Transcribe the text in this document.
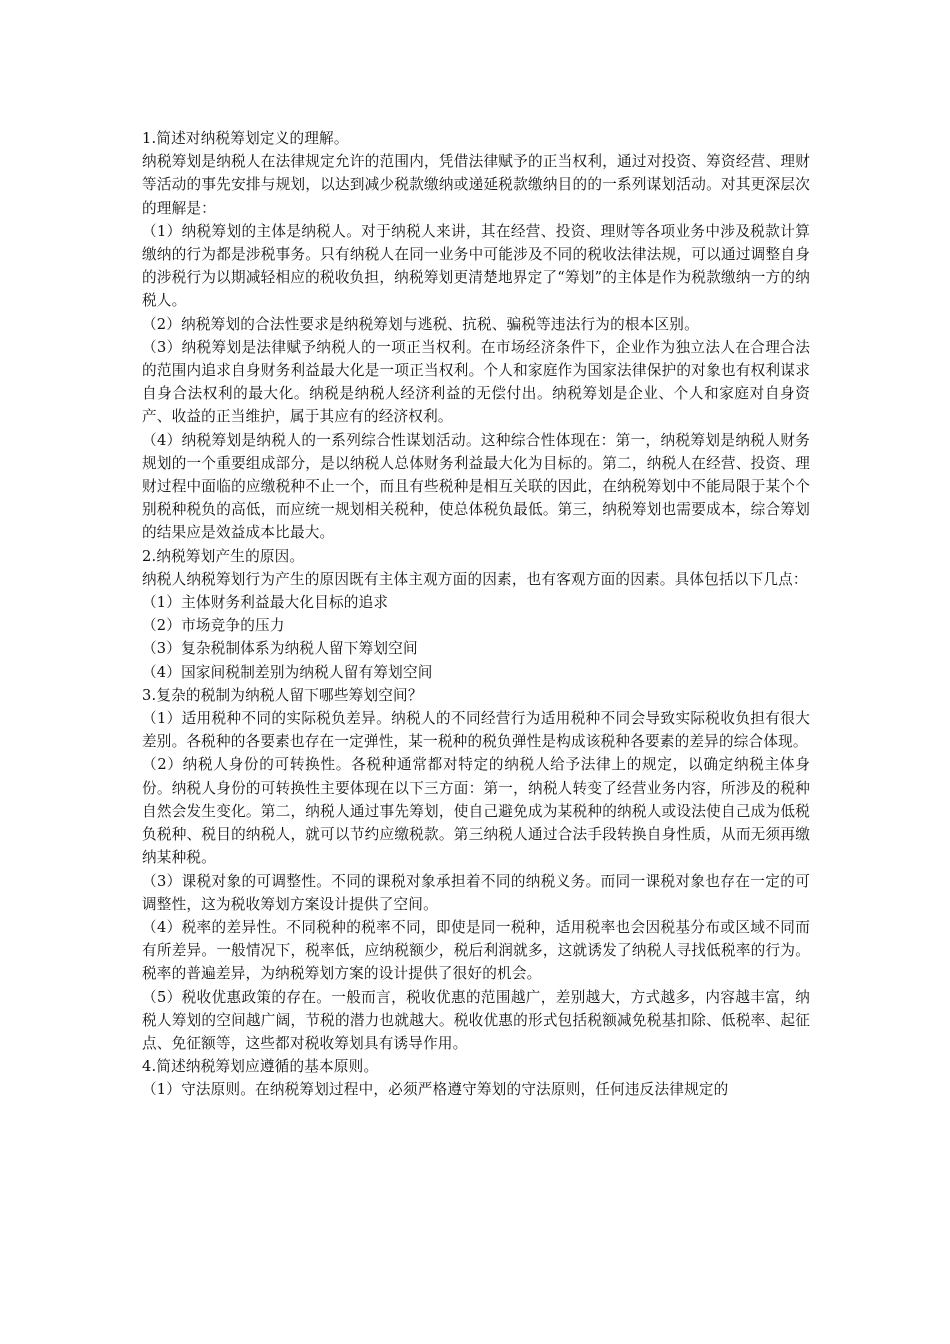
1.简述对纳税筹划定义的理解。

纳税筹划是纳税人在法律规定允许的范围内，凭借法律赋予的正当权利，通过对投资、筹资经营、理财等活动的事先安排与规划，以达到减少税款缴纳或递延税款缴纳目的的一系列谋划活动。对其更深层次的理解是：

（1）纳税筹划的主体是纳税人。对于纳税人来讲，其在经营、投资、理财等各项业务中涉及税款计算缴纳的行为都是涉税事务。只有纳税人在同一业务中可能涉及不同的税收法律法规，可以通过调整自身的涉税行为以期减轻相应的税收负担，纳税筹划更清楚地界定了“筹划”的主体是作为税款缴纳一方的纳税人。

（2）纳税筹划的合法性要求是纳税筹划与逃税、抗税、骗税等违法行为的根本区别。

（3）纳税筹划是法律赋予纳税人的一项正当权利。在市场经济条件下，企业作为独立法人在合理合法的范围内追求自身财务利益最大化是一项正当权利。个人和家庭作为国家法律保护的对象也有权利谋求自身合法权利的最大化。纳税是纳税人经济利益的无偿付出。纳税筹划是企业、个人和家庭对自身资产、收益的正当维护，属于其应有的经济权利。

（4）纳税筹划是纳税人的一系列综合性谋划活动。这种综合性体现在：第一，纳税筹划是纳税人财务规划的一个重要组成部分，是以纳税人总体财务利益最大化为目标的。第二，纳税人在经营、投资、理财过程中面临的应缴税种不止一个，而且有些税种是相互关联的因此，在纳税筹划中不能局限于某个个别税种税负的高低，而应统一规划相关税种，使总体税负最低。第三，纳税筹划也需要成本，综合筹划的结果应是效益成本比最大。

2.纳税筹划产生的原因。

纳税人纳税筹划行为产生的原因既有主体主观方面的因素，也有客观方面的因素。具体包括以下几点：

（1）主体财务利益最大化目标的追求

（2）市场竞争的压力

（3）复杂税制体系为纳税人留下筹划空间

（4）国家间税制差别为纳税人留有筹划空间

3.复杂的税制为纳税人留下哪些筹划空间？

（1）适用税种不同的实际税负差异。纳税人的不同经营行为适用税种不同会导致实际税收负担有很大差别。各税种的各要素也存在一定弹性，某一税种的税负弹性是构成该税种各要素的差异的综合体现。

（2）纳税人身份的可转换性。各税种通常都对特定的纳税人给予法律上的规定，以确定纳税主体身份。纳税人身份的可转换性主要体现在以下三方面：第一，纳税人转变了经营业务内容，所涉及的税种自然会发生变化。第二，纳税人通过事先筹划，使自己避免成为某税种的纳税人或设法使自己成为低税负税种、税目的纳税人，就可以节约应缴税款。第三纳税人通过合法手段转换自身性质，从而无须再缴纳某种税。

（3）课税对象的可调整性。不同的课税对象承担着不同的纳税义务。而同一课税对象也存在一定的可调整性，这为税收筹划方案设计提供了空间。

（4）税率的差异性。不同税种的税率不同，即使是同一税种，适用税率也会因税基分布或区域不同而有所差异。一般情况下，税率低，应纳税额少，税后利润就多，这就诱发了纳税人寻找低税率的行为。税率的普遍差异，为纳税筹划方案的设计提供了很好的机会。

（5）税收优惠政策的存在。一般而言，税收优惠的范围越广，差别越大，方式越多，内容越丰富，纳税人筹划的空间越广阔，节税的潜力也就越大。税收优惠的形式包括税额减免税基扣除、低税率、起征点、免征额等，这些都对税收筹划具有诱导作用。

4.简述纳税筹划应遵循的基本原则。

（1）守法原则。在纳税筹划过程中，必须严格遵守筹划的守法原则，任何违反法律规定的
